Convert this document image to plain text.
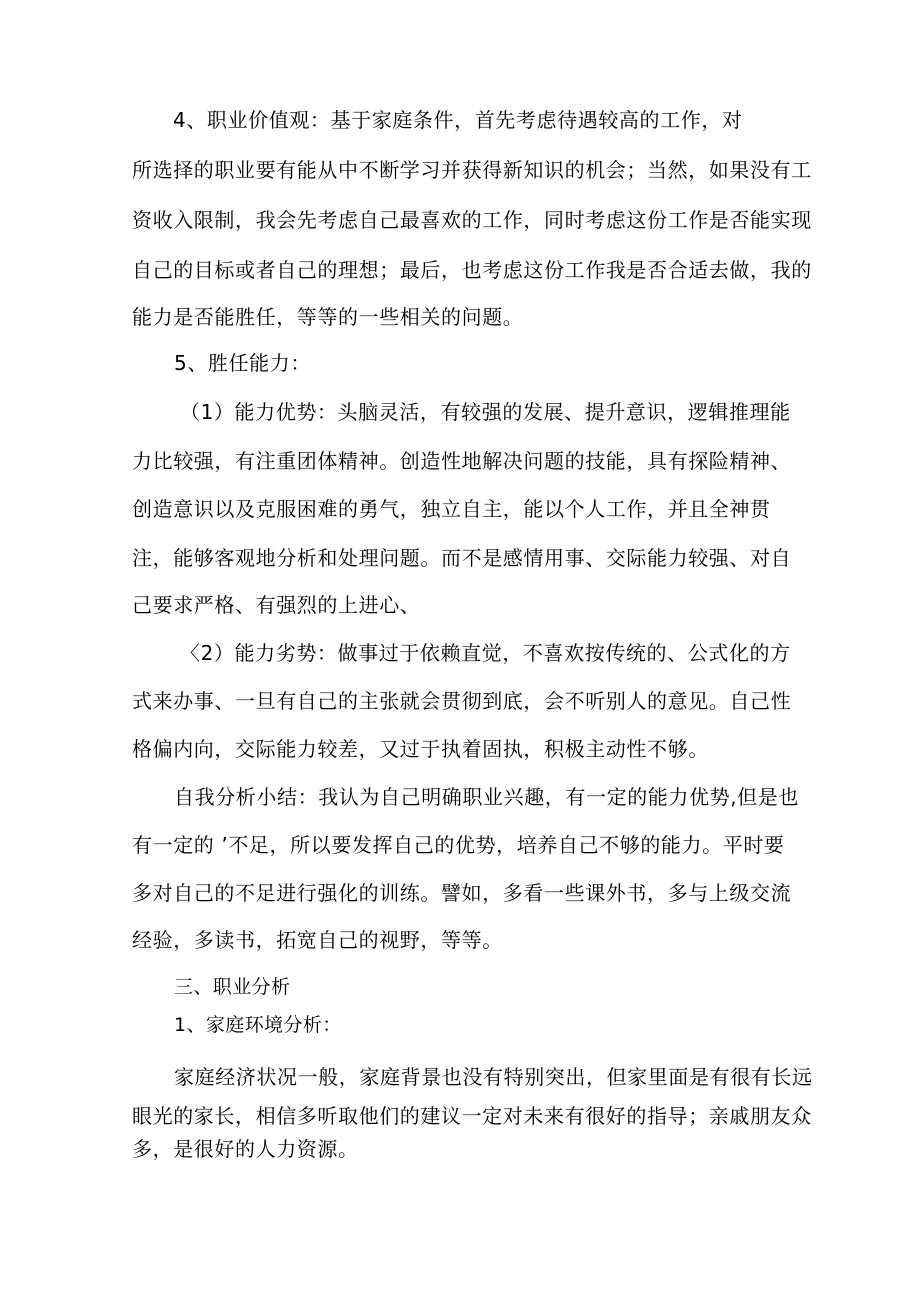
4、职业价值观：基于家庭条件，首先考虑待遇较高的工作，对
所选择的职业要有能从中不断学习并获得新知识的机会；当然，如果没有工
资收入限制，我会先考虑自己最喜欢的工作，同时考虑这份工作是否能实现
自己的目标或者自己的理想；最后，也考虑这份工作我是否合适去做，我的
能力是否能胜任，等等的一些相关的问题。
5、胜任能力：
（1）能力优势：头脑灵活，有较强的发展、提升意识，逻辑推理能
力比较强，有注重团体精神。创造性地解决问题的技能，具有探险精神、
创造意识以及克服困难的勇气，独立自主，能以个人工作，并且全神贯
注，能够客观地分析和处理问题。而不是感情用事、交际能力较强、对自
己要求严格、有强烈的上进心、
〈2）能力劣势：做事过于依赖直觉，不喜欢按传统的、公式化的方
式来办事、一旦有自己的主张就会贯彻到底，会不听别人的意见。自己性
格偏内向，交际能力较差，又过于执着固执，积极主动性不够。
自我分析小结：我认为自己明确职业兴趣，有一定的能力优势,但是也
有一定的 ’不足，所以要发挥自己的优势，培养自己不够的能力。平时要
多对自己的不足进行强化的训练。譬如，多看一些课外书，多与上级交流
经验，多读书，拓宽自己的视野，等等。
三、职业分析
1、家庭环境分析：
家庭经济状况一般，家庭背景也没有特别突出，但家里面是有很有长远
眼光的家长，相信多听取他们的建议一定对未来有很好的指导；亲戚朋友众
多，是很好的人力资源。
